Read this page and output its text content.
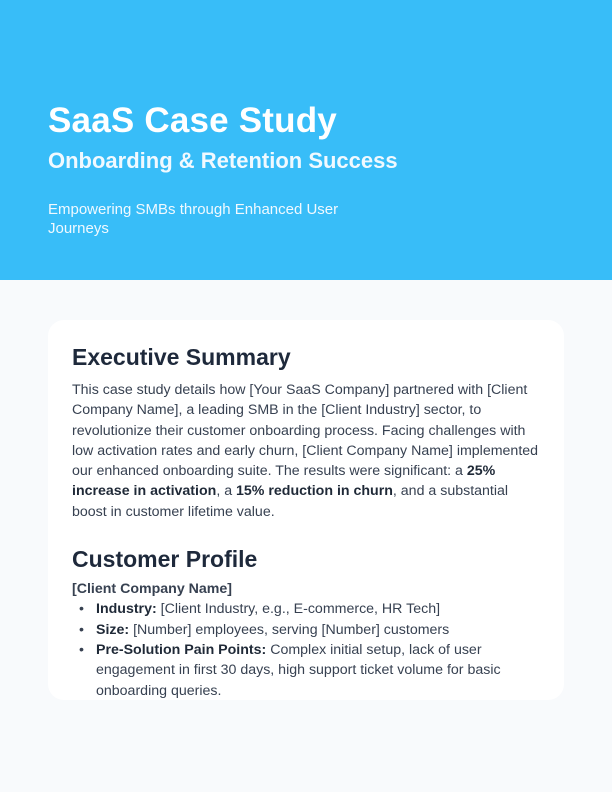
SaaS Case Study
Onboarding & Retention Success
Empowering SMBs through Enhanced User Journeys
Executive Summary

This case study details how [Your SaaS Company] partnered with [Client Company Name], a leading SMB in the [Client Industry] sector, to revolutionize their customer onboarding process. Facing challenges with low activation rates and early churn, [Client Company Name] implemented our enhanced onboarding suite. The results were significant: a 25% increase in activation, a 15% reduction in churn, and a substantial boost in customer lifetime value.

Customer Profile
[Client Company Name]
• Industry: [Client Industry, e.g., E-commerce, HR Tech]
• Size: [Number] employees, serving [Number] customers
• Pre-Solution Pain Points: Complex initial setup, lack of user engagement in first 30 days, high support ticket volume for basic onboarding queries.
